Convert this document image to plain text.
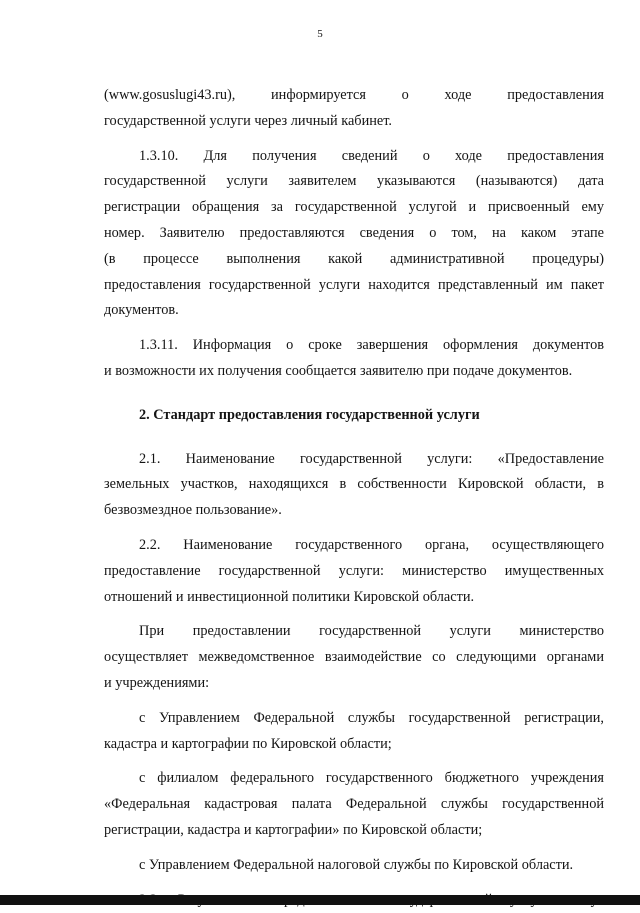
5
(www.gosuslugi43.ru), информируется о ходе предоставления
государственной услуги через личный кабинет.
1.3.10. Для получения сведений о ходе предоставления
государственной услуги заявителем указываются (называются) дата
регистрации обращения за государственной услугой и присвоенный ему
номер. Заявителю предоставляются сведения о том, на каком этапе
(в процессе выполнения какой административной процедуры)
предоставления государственной услуги находится представленный им пакет
документов.
1.3.11. Информация о сроке завершения оформления документов
и возможности их получения сообщается заявителю при подаче документов.
2. Стандарт предоставления государственной услуги
2.1. Наименование государственной услуги: «Предоставление
земельных участков, находящихся в собственности Кировской области, в
безвозмездное пользование».
2.2. Наименование государственного органа, осуществляющего
предоставление государственной услуги: министерство имущественных
отношений и инвестиционной политики Кировской области.
При предоставлении государственной услуги министерство
осуществляет межведомственное взаимодействие со следующими органами
и учреждениями:
с Управлением Федеральной службы государственной регистрации,
кадастра и картографии по Кировской области;
с филиалом федерального государственного бюджетного учреждения
«Федеральная кадастровая палата Федеральной службы государственной
регистрации, кадастра и картографии» по Кировской области;
с Управлением Федеральной налоговой службы по Кировской области.
